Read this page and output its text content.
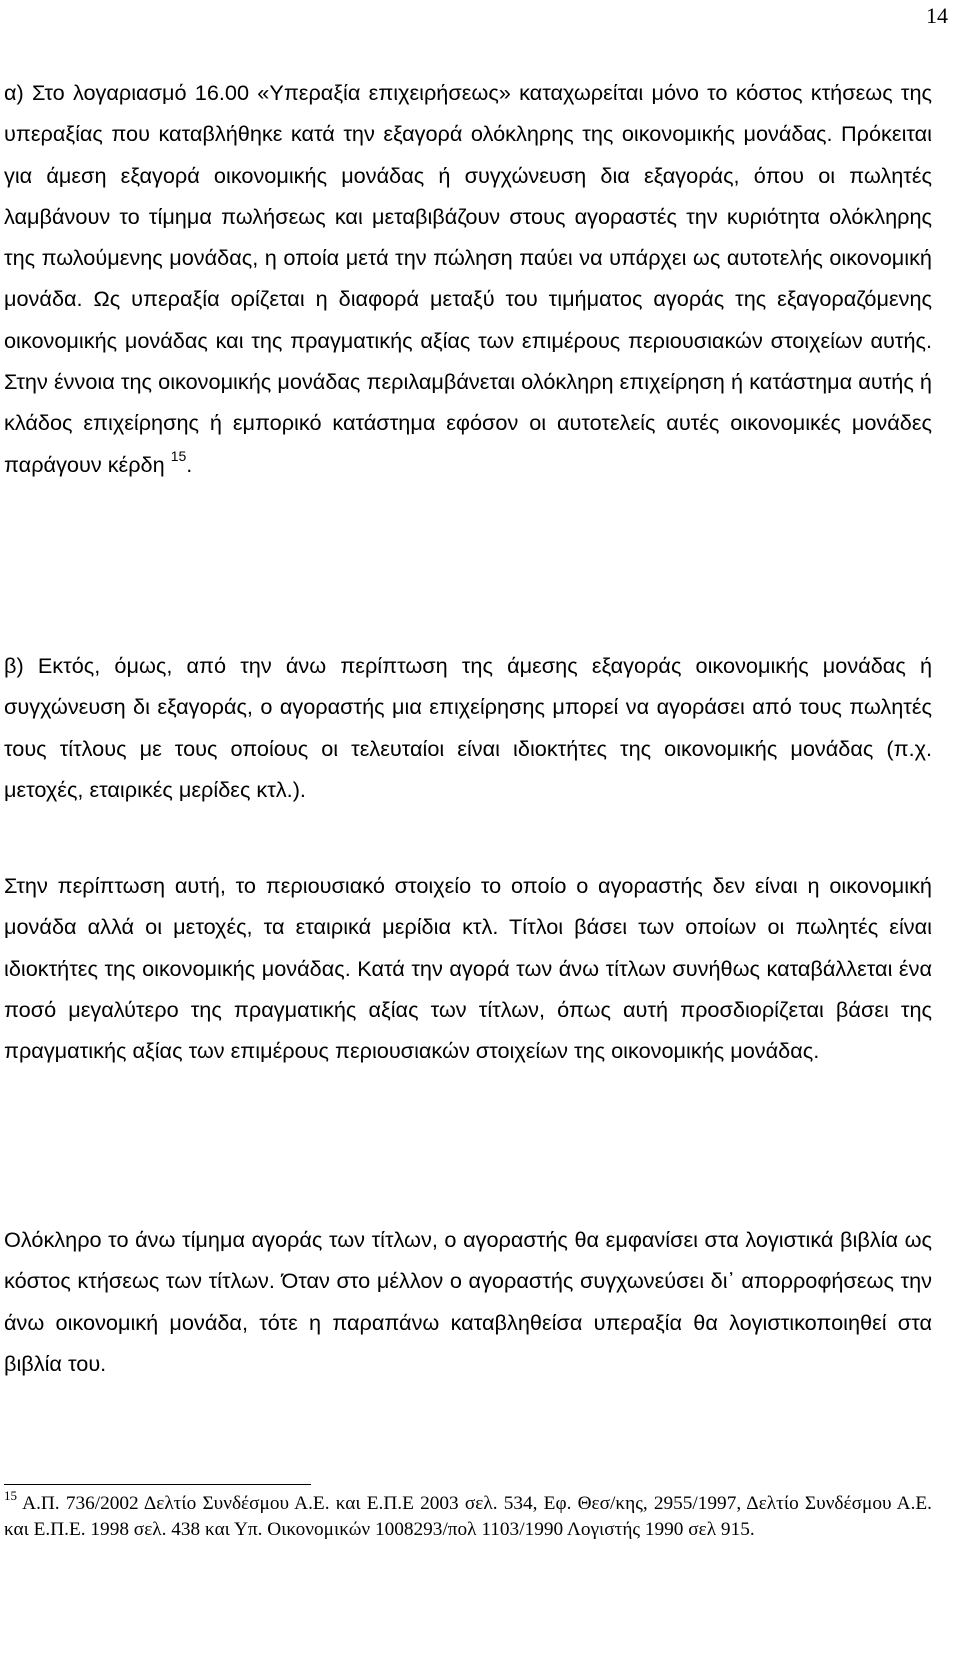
14

α) Στο λογαριασμό 16.00 «Υπεραξία επιχειρήσεως» καταχωρείται μόνο το κόστος κτήσεως της υπεραξίας που καταβλήθηκε κατά την εξαγορά ολόκληρης της οικονομικής μονάδας. Πρόκειται για άμεση εξαγορά οικονομικής μονάδας ή συγχώνευση δια εξαγοράς, όπου οι πωλητές λαμβάνουν το τίμημα πωλήσεως και μεταβιβάζουν στους αγοραστές την κυριότητα ολόκληρης της πωλούμενης μονάδας, η οποία μετά την πώληση παύει να υπάρχει ως αυτοτελής οικονομική μονάδα. Ως υπεραξία ορίζεται η διαφορά μεταξύ του τιμήματος αγοράς της εξαγοραζόμενης οικονομικής μονάδας και της πραγματικής αξίας των επιμέρους περιουσιακών στοιχείων αυτής. Στην έννοια της οικονομικής μονάδας περιλαμβάνεται ολόκληρη επιχείρηση ή κατάστημα αυτής ή κλάδος επιχείρησης ή εμπορικό κατάστημα εφόσον οι αυτοτελείς αυτές οικονομικές μονάδες παράγουν κέρδη $^{15}$.

β) Εκτός, όμως, από την άνω περίπτωση της άμεσης εξαγοράς οικονομικής μονάδας ή συγχώνευση δι εξαγοράς, ο αγοραστής μια επιχείρησης μπορεί να αγοράσει από τους πωλητές τους τίτλους με τους οποίους οι τελευταίοι είναι ιδιοκτήτες της οικονομικής μονάδας (π.χ. μετοχές, εταιρικές μερίδες κτλ.).

Στην περίπτωση αυτή, το περιουσιακό στοιχείο το οποίο ο αγοραστής δεν είναι η οικονομική μονάδα αλλά οι μετοχές, τα εταιρικά μερίδια κτλ. Τίτλοι βάσει των οποίων οι πωλητές είναι ιδιοκτήτες της οικονομικής μονάδας. Κατά την αγορά των άνω τίτλων συνήθως καταβάλλεται ένα ποσό μεγαλύτερο της πραγματικής αξίας των τίτλων, όπως αυτή προσδιορίζεται βάσει της πραγματικής αξίας των επιμέρους περιουσιακών στοιχείων της οικονομικής μονάδας.

Ολόκληρο το άνω τίμημα αγοράς των τίτλων, ο αγοραστής θα εμφανίσει στα λογιστικά βιβλία ως κόστος κτήσεως των τίτλων. Όταν στο μέλλον ο αγοραστής συγχωνεύσει δι᾽ απορροφήσεως την άνω οικονομική μονάδα, τότε η παραπάνω καταβληθείσα υπεραξία θα λογιστικοποιηθεί στα βιβλία του.

$^{15}$ Α.Π. 736/2002 Δελτίο Συνδέσμου Α.Ε. και Ε.Π.Ε 2003 σελ. 534, Εφ. Θεσ/κης, 2955/1997, Δελτίο Συνδέσμου Α.Ε. και Ε.Π.Ε. 1998 σελ. 438 και Υπ. Οικονομικών 1008293/πολ 1103/1990 Λογιστής 1990 σελ 915.
